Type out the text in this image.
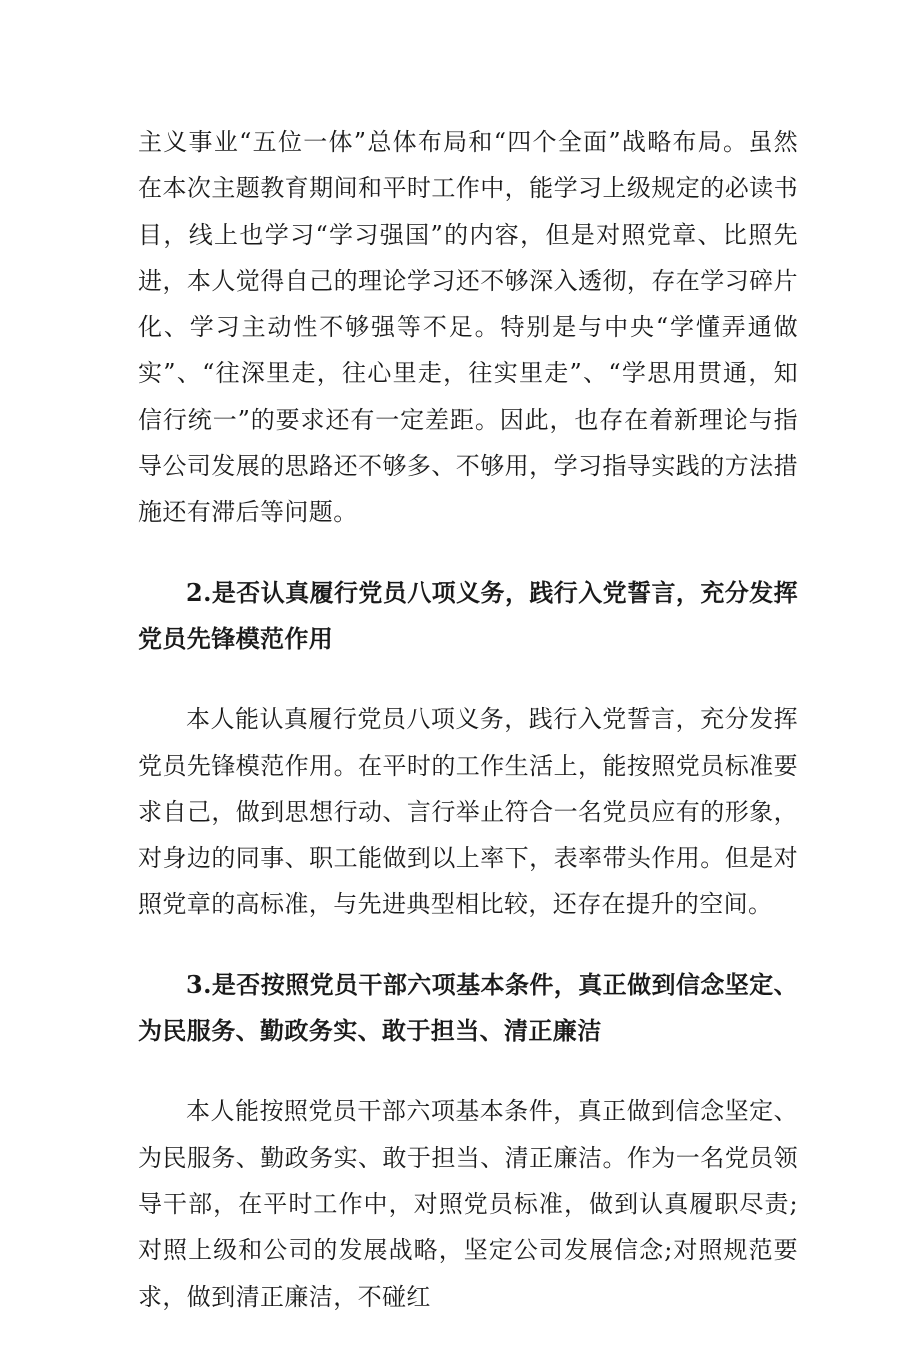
主义事业“五位一体”总体布局和“四个全面”战略布局。虽然在本次主题教育期间和平时工作中，能学习上级规定的必读书目，线上也学习“学习强国”的内容，但是对照党章、比照先进，本人觉得自己的理论学习还不够深入透彻，存在学习碎片化、学习主动性不够强等不足。特别是与中央“学懂弄通做实”、“往深里走，往心里走，往实里走”、“学思用贯通，知信行统一”的要求还有一定差距。因此，也存在着新理论与指导公司发展的思路还不够多、不够用，学习指导实践的方法措施还有滞后等问题。

2.是否认真履行党员八项义务，践行入党誓言，充分发挥党员先锋模范作用

本人能认真履行党员八项义务，践行入党誓言，充分发挥党员先锋模范作用。在平时的工作生活上，能按照党员标准要求自己，做到思想行动、言行举止符合一名党员应有的形象，对身边的同事、职工能做到以上率下，表率带头作用。但是对照党章的高标准，与先进典型相比较，还存在提升的空间。

3.是否按照党员干部六项基本条件，真正做到信念坚定、为民服务、勤政务实、敢于担当、清正廉洁

本人能按照党员干部六项基本条件，真正做到信念坚定、为民服务、勤政务实、敢于担当、清正廉洁。作为一名党员领导干部，在平时工作中，对照党员标准，做到认真履职尽责;对照上级和公司的发展战略，坚定公司发展信念;对照规范要求，做到清正廉洁，不碰红
